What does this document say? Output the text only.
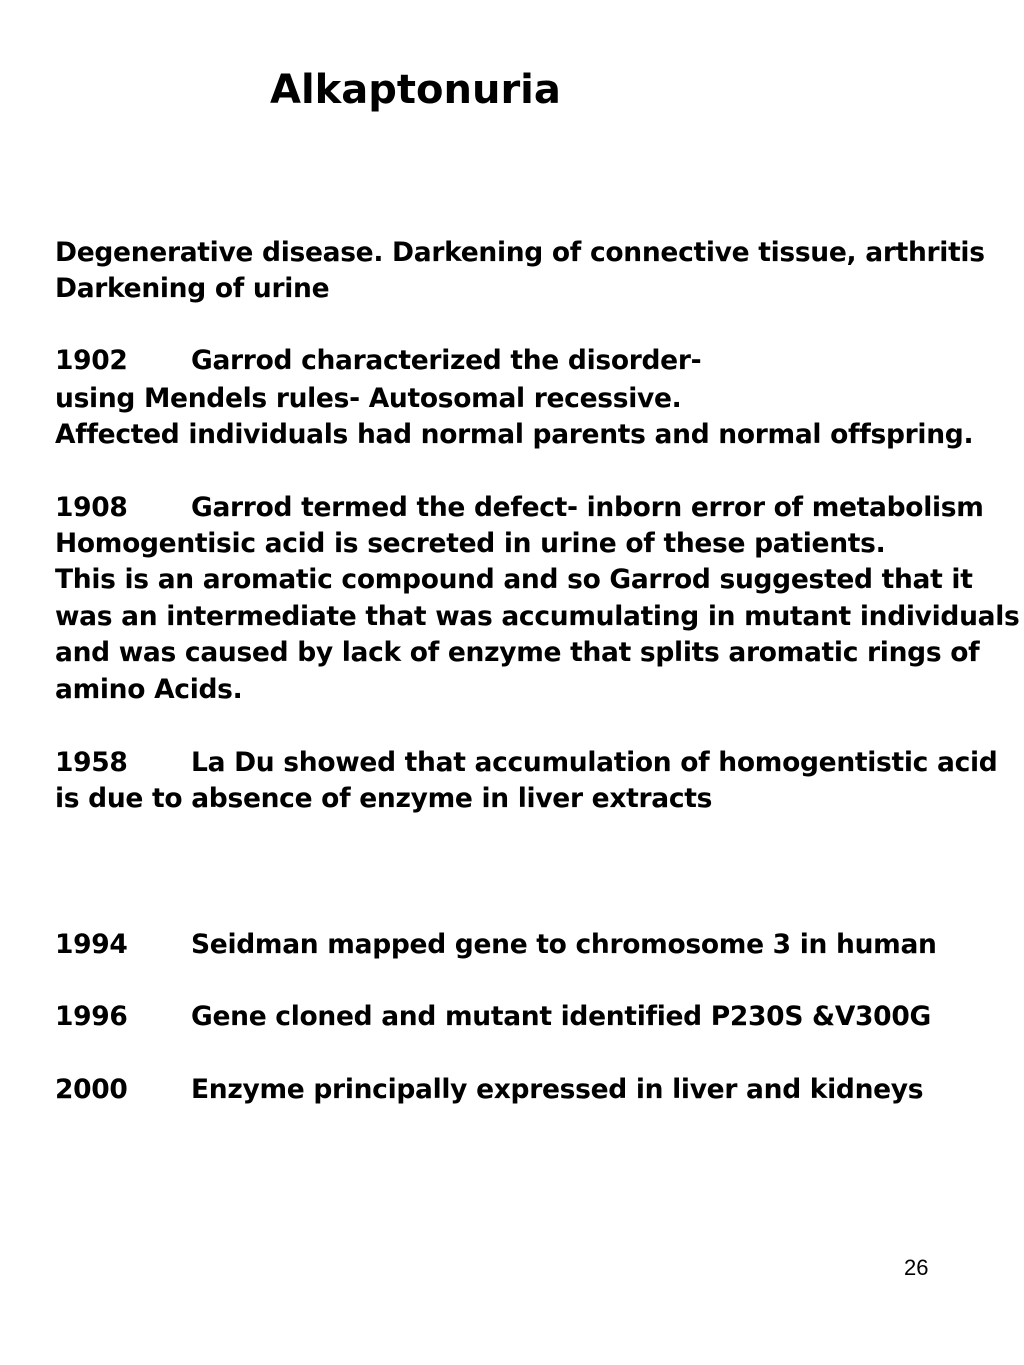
Alkaptonuria
Degenerative disease. Darkening of connective tissue, arthritis
Darkening of urine
1902 Garrod characterized the disorder-
using Mendels rules- Autosomal recessive.
Affected individuals had normal parents and normal offspring.
1908 Garrod termed the defect- inborn error of metabolism
Homogentisic acid is secreted in urine of these patients.
This is an aromatic compound and so Garrod suggested that it
was an intermediate that was accumulating in mutant individuals
and was caused by lack of enzyme that splits aromatic rings of
amino Acids.
1958 La Du showed that accumulation of homogentistic acid
is due to absence of enzyme in liver extracts
1994 Seidman mapped gene to chromosome 3 in human
1996 Gene cloned and mutant identified P230S &V300G
2000 Enzyme principally expressed in liver and kidneys
26
